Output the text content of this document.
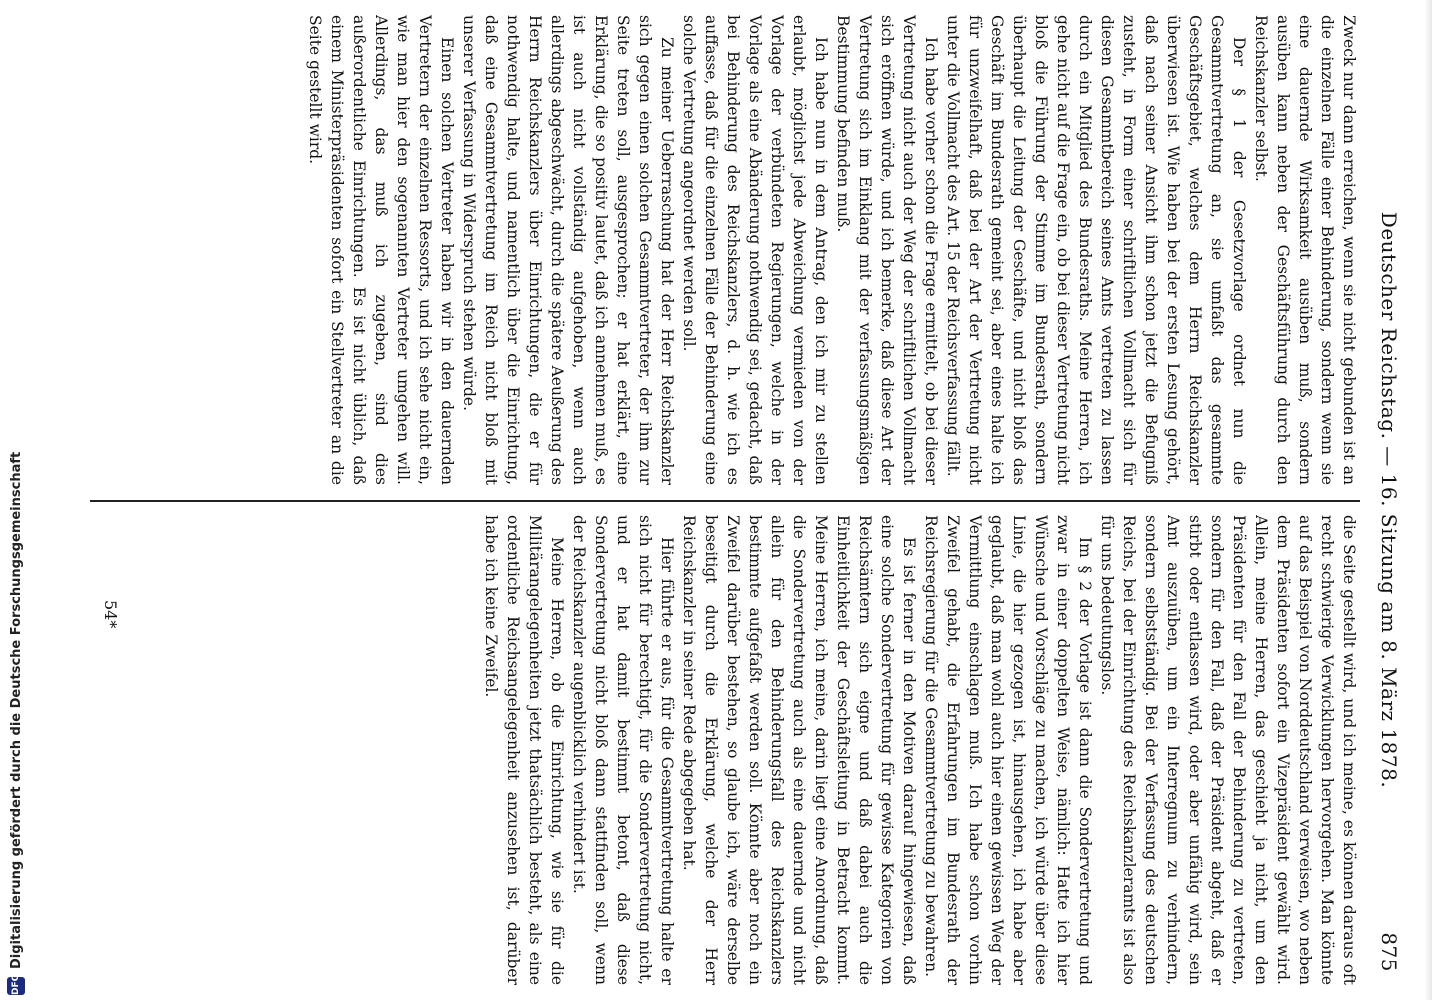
DFG
Digitalisierung gefördert durch die Deutsche Forschungsgemeinschaft	Deutscher Reichstag. — 16. Sitzung am 8. März 1878.
875

Zweck nur dann erreichen, wenn sie nicht gebunden ist an die einzelnen Fälle einer Behinderung, sondern wenn sie eine dauernde Wirksamkeit ausüben muß, sondern ausüben kann neben der Geschäftsführung durch den Reichskanzler selbst.

Der § 1 der Gesetzvorlage ordnet nun die Gesammtvertretung an, sie umfaßt das gesammte Geschäftsgebiet, welches dem Herrn Reichskanzler überwiesen ist. Wie haben bei der ersten Lesung gehört, daß nach seiner Ansicht ihm schon jetzt die Befugniß zusteht, in Form einer schriftlichen Vollmacht sich für diesen Gesammtbereich seines Amts vertreten zu lassen durch ein Mitglied des Bundesraths. Meine Herren, ich gehe nicht auf die Frage ein, ob bei dieser Vertretung nicht bloß die Führung der Stimme im Bundesrath, sondern überhaupt die Leitung der Geschäfte, und nicht bloß das Geschäft im Bundesrath gemeint sei, aber eines halte ich für unzweifelhaft, daß bei der Art der Vertretung nicht unter die Vollmacht des Art. 15 der Reichsverfassung fällt.

Ich habe vorher schon die Frage ermittelt, ob bei dieser Vertretung nicht auch der Weg der schriftlichen Vollmacht sich eröffnen würde, und ich bemerke, daß diese Art der Vertretung sich im Einklang mit der verfassungsmäßigen Bestimmung befinden muß.

Ich habe nun in dem Antrag, den ich mir zu stellen erlaubt, möglichst jede Abweichung vermieden von der Vorlage der verbündeten Regierungen, welche in der Vorlage als eine Abänderung nothwendig sei, gedacht, daß bei Behinderung des Reichskanzlers, d. h. wie ich es auffasse, daß für die einzelnen Fälle der Behinderung eine solche Vertretung angeordnet werden soll.

Zu meiner Ueberraschung hat der Herr Reichskanzler sich gegen einen solchen Gesammtvertreter, der ihm zur Seite treten soll, ausgesprochen; er hat erklärt, eine Erklärung, die so positiv lautet, daß ich annehmen muß, es ist auch nicht vollständig aufgehoben, wenn auch allerdings abgeschwächt, durch die spätere Aeußerung des Herrn Reichskanzlers über Einrichtungen, die er für nothwendig halte, und namentlich über die Einrichtung, daß eine Gesammtvertretung im Reich nicht bloß mit unserer Verfassung in Widerspruch stehen würde.

Einen solchen Vertreter haben wir in den dauernden Vertretern der einzelnen Ressorts, und ich sehe nicht ein, wie man hier den sogenannten Vertreter umgehen will. Allerdings, das muß ich zugeben, sind dies außerordentliche Einrichtungen. Es ist nicht üblich, daß einem Ministerpräsidenten sofort ein Stellvertreter an die Seite gestellt wird.

die Seite gestellt wird, und ich meine, es können daraus oft recht schwierige Verwicklungen hervorgehen. Man könnte auf das Beispiel von Norddeutschland verweisen, wo neben dem Präsidenten sofort ein Vizepräsident gewählt wird. Allein, meine Herren, das geschieht ja nicht, um den Präsidenten für den Fall der Behinderung zu vertreten, sondern für den Fall, daß der Präsident abgeht, daß er stirbt oder entlassen wird, oder aber unfähig wird, sein Amt auszuüben, um ein Interregnum zu verhindern, sondern selbstständig. Bei der Verfassung des deutschen Reichs, bei der Einrichtung des Reichskanzleramts ist also für uns bedeutungslos.

Im § 2 der Vorlage ist dann die Sondervertretung und zwar in einer doppelten Weise, nämlich: Hatte ich hier Wünsche und Vorschläge zu machen, ich würde über diese Linie, die hier gezogen ist, hinausgehen, ich habe aber geglaubt, daß man wohl auch hier einen gewissen Weg der Vermittlung einschlagen muß. Ich habe schon vorhin Zweifel gehabt, die Erfahrungen im Bundesrath der Reichsregierung für die Gesammtvertretung zu bewahren.

Es ist ferner in den Motiven darauf hingewiesen, daß eine solche Sondervertretung für gewisse Kategorien von Reichsämtern sich eigne und daß dabei auch die Einheitlichkeit der Geschäftsleitung in Betracht kommt. Meine Herren, ich meine, darin liegt eine Anordnung, daß die Sondervertretung auch als eine dauernde und nicht allein für den Behinderungsfall des Reichskanzlers bestimmte aufgefaßt werden soll. Könnte aber noch ein Zweifel darüber bestehen, so glaube ich, wäre derselbe beseitigt durch die Erklärung, welche der Herr Reichskanzler in seiner Rede abgegeben hat.

Hier führte er aus, für die Gesammtvertretung halte er sich nicht für berechtigt, für die Sondervertretung nicht, und er hat damit bestimmt betont, daß diese Sondervertretung nicht bloß dann stattfinden soll, wenn der Reichskanzler augenblicklich verhindert ist.

Meine Herren, ob die Einrichtung, wie sie für die Militärangelegenheiten jetzt thatsächlich besteht, als eine ordentliche Reichsangelegenheit anzusehen ist, darüber habe ich keine Zweifel.

54*
